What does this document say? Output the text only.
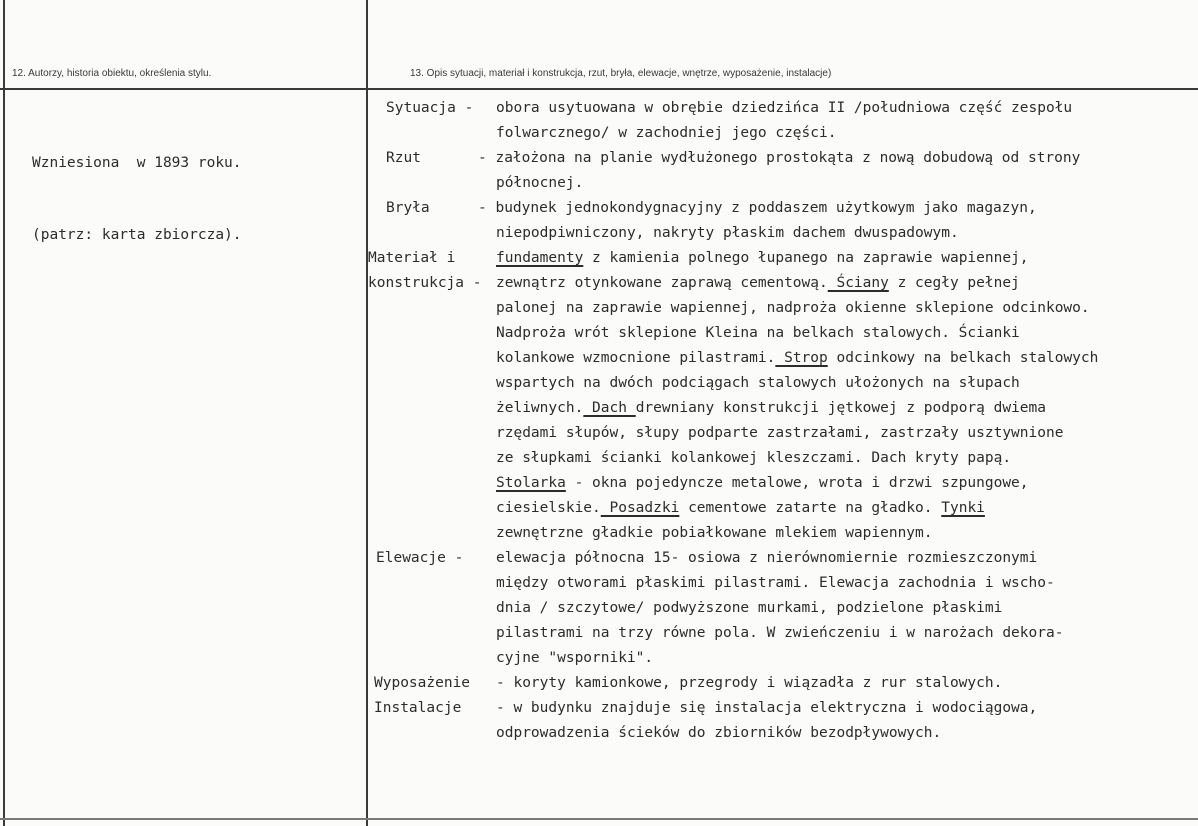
12. Autorzy, historia obiektu, określenia stylu.	13. Opis sytuacji, materiał i konstrukcja, rzut, bryła, elewacje, wnętrze, wyposażenie, instalacje)

Wzniesiona  w 1893 roku.

(patrz: karta zbiorcza).

Sytuacja - obora usytuowana w obrębie dziedzińca II /południowa część zespołu
folwarcznego/ w zachodniej jego części.
Rzut	- założona na planie wydłużonego prostokąta z nową dobudową od strony
północnej.
Bryła	- budynek jednokondygnacyjny z poddaszem użytkowym jako magazyn,
niepodpiwniczony, nakryty płaskim dachem dwuspadowym.
Materiał i	fundamenty z kamienia polnego łupanego na zaprawie wapiennej,
konstrukcja - zewnątrz otynkowane zaprawą cementową. Ściany z cegły pełnej
palonej na zaprawie wapiennej, nadproża okienne sklepione odcinkowo.
Nadproża wrót sklepione Kleina na belkach stalowych. Ścianki
kolankowe wzmocnione pilastrami. Strop odcinkowy na belkach stalowych
wspartych na dwóch podciągach stalowych ułożonych na słupach
żeliwnych. Dach drewniany konstrukcji jętkowej z podporą dwiema
rzędami słupów, słupy podparte zastrzałami, zastrzały usztywnione
ze słupkami ścianki kolankowej kleszczami. Dach kryty papą.
Stolarka - okna pojedyncze metalowe, wrota i drzwi szpungowe,
ciesielskie. Posadzki cementowe zatarte na gładko. Tynki
zewnętrzne gładkie pobiałkowane mlekiem wapiennym.
Elewacje - elewacja północna 15- osiowa z nierównomiernie rozmieszczonymi
między otworami płaskimi pilastrami. Elewacja zachodnia i wscho-
dnia / szczytowe/ podwyższone murkami, podzielone płaskimi
pilastrami na trzy równe pola. W zwieńczeniu i w narożach dekora-
cyjne "wsporniki".
Wyposażenie - koryty kamionkowe, przegrody i wiązadła z rur stalowych.
Instalacje - w budynku znajduje się instalacja elektryczna i wodociągowa,
odprowadzenia ścieków do zbiorników bezodpływowych.
